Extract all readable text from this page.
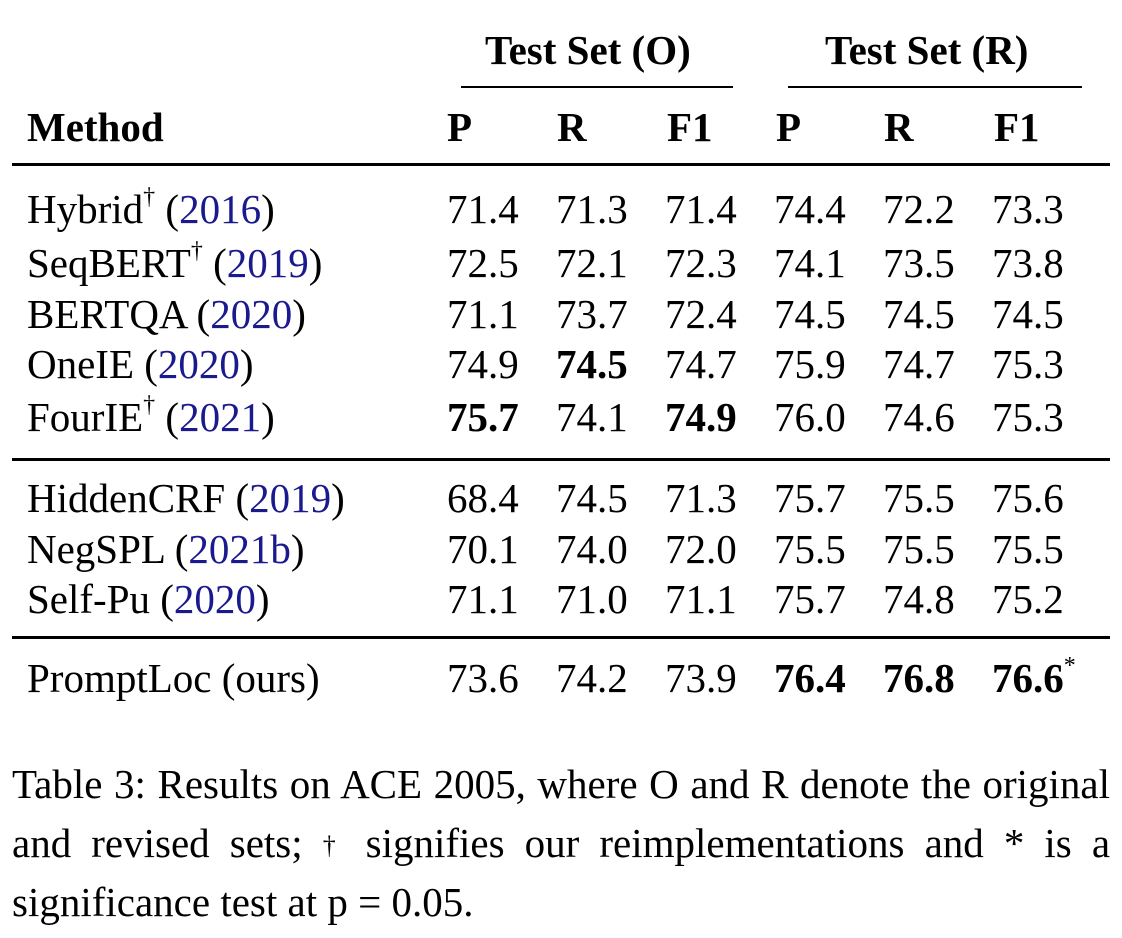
Test Set (O)	Test Set (R)
Method	P R F1 P R F1
Hybrid† (2016)	71.4 71.3 71.4 74.4 72.2 73.3
SeqBERT† (2019)	72.5 72.1 72.3 74.1 73.5 73.8
BERTQA (2020)	71.1 73.7 72.4 74.5 74.5 74.5
OneIE (2020)	74.9 74.5 74.7 75.9 74.7 75.3
FourIE† (2021)	75.7 74.1 74.9 76.0 74.6 75.3
HiddenCRF (2019) 68.4 74.5 71.3 75.7 75.5 75.6
NegSPL (2021b)	70.1 74.0 72.0 75.5 75.5 75.5
Self-Pu (2020)	71.1 71.0 71.1 75.7 74.8 75.2
PromptLoc (ours)	73.6 74.2 73.9 76.4 76.8 76.6*
Table 3: Results on ACE 2005, where O and R denote the original and revised sets; † signifies our reimplementations and * is a significance test at p = 0.05.
